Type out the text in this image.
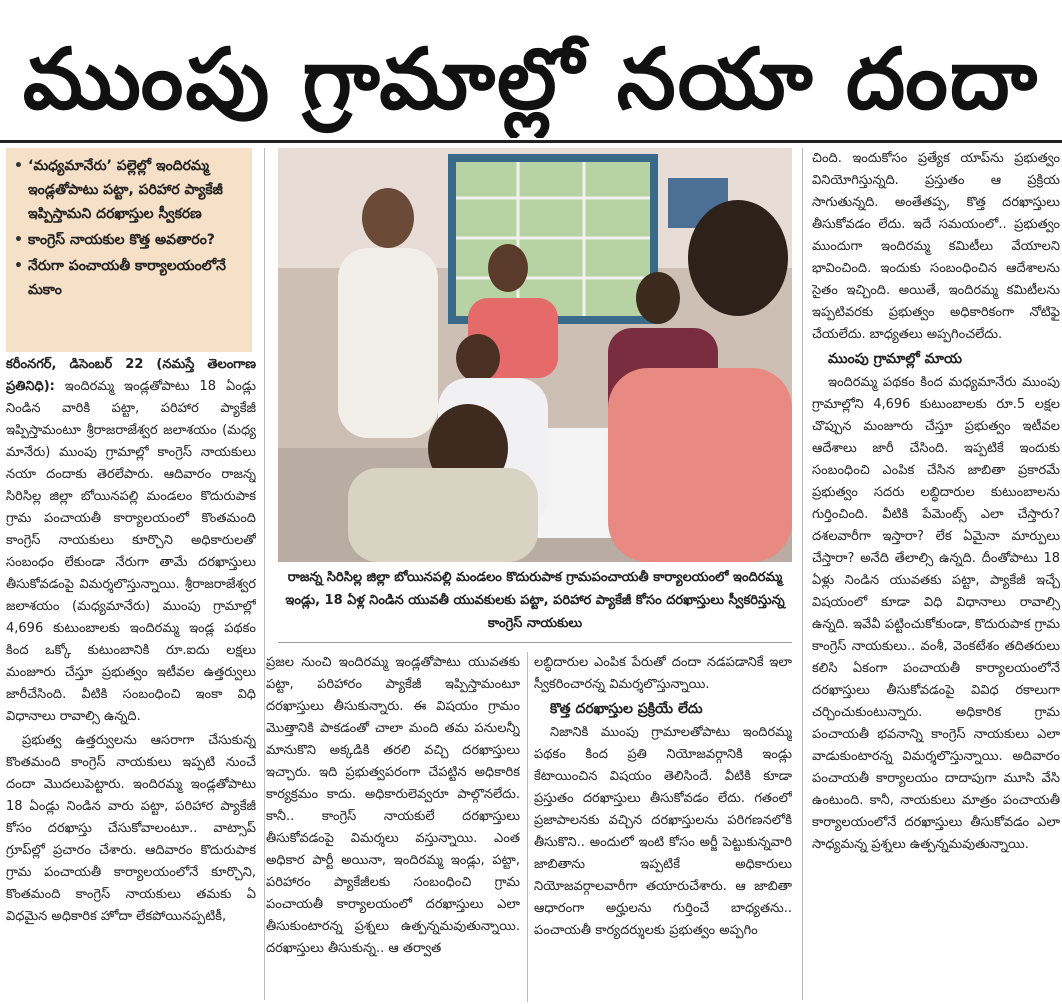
ముంపు గ్రామాల్లో నయా దందా
• ‘మధ్యమానేరు’ పల్లెల్లో ఇందిరమ్మ ఇండ్లతోపాటు పట్టా, పరిహార ప్యాకేజీ ఇప్పిస్తామని దరఖాస్తుల స్వీకరణ
• కాంగ్రెస్ నాయకుల కొత్త అవతారం?
• నేరుగా పంచాయతీ కార్యాలయంలోనే మకాం

కరీంనగర్, డిసెంబర్ 22 (నమస్తే తెలంగాణ ప్రతినిధి): ఇందిరమ్మ ఇండ్లతోపాటు 18 ఏండ్లు నిండిన వారికి పట్టా, పరిహార ప్యాకేజీ ఇప్పిస్తామంటూ శ్రీరాజరాజేశ్వర జలాశయం (మధ్య మానేరు) ముంపు గ్రామాల్లో కాంగ్రెస్ నాయకులు నయా దందాకు తెరలేపారు. ఆదివారం రాజన్న సిరిసిల్ల జిల్లా బోయినపల్లి మండలం కొదురుపాక గ్రామ పంచాయతీ కార్యాలయంలో కొంతమంది కాంగ్రెస్ నాయకులు కూర్చొని అధికారులతో సంబంధం లేకుండా నేరుగా తామే దరఖాస్తులు తీసుకోవడంపై విమర్శలొస్తున్నాయి. శ్రీరాజరాజేశ్వర జలాశయం (మధ్యమానేరు) ముంపు గ్రామాల్లో 4,696 కుటుంబాలకు ఇందిరమ్మ ఇండ్ల పథకం కింద ఒక్కో కుటుంబానికి రూ.ఐదు లక్షలు మంజూరు చేస్తూ ప్రభుత్వం ఇటీవల ఉత్తర్వులు జారీచేసింది. వీటికి సంబంధించి ఇంకా విధి విధానాలు రావాల్సి ఉన్నది.

ప్రభుత్వ ఉత్తర్వులను ఆసరాగా చేసుకున్న కొంతమంది కాంగ్రెస్ నాయకులు ఇప్పటి నుంచే దందా మొదలుపెట్టారు. ఇందిరమ్మ ఇండ్లతోపాటు 18 ఏండ్లు నిండిన వారు పట్టా, పరిహార ప్యాకేజీ కోసం దరఖాస్తు చేసుకోవాలంటూ.. వాట్సాప్ గ్రూప్‌ల్లో ప్రచారం చేశారు. ఆదివారం కొదురుపాక గ్రామ పంచాయతీ కార్యాలయంలోనే కూర్చొని, కొంతమంది కాంగ్రెస్ నాయకులు తమకు ఏ విధమైన అధికారిక హోదా లేకపోయినప్పటికీ,

రాజన్న సిరిసిల్ల జిల్లా బోయినపల్లి మండలం కొదురుపాక గ్రామపంచాయతీ కార్యాలయంలో ఇందిరమ్మ ఇండ్లు, 18 ఏళ్ల నిండిన యువతీ యువకులకు పట్టా, పరిహార ప్యాకేజీ కోసం దరఖాస్తులు స్వీకరిస్తున్న కాంగ్రెస్ నాయకులు

ప్రజల నుంచి ఇందిరమ్మ ఇండ్లతోపాటు యువతకు పట్టా, పరిహారం ప్యాకేజీ ఇప్పిస్తామంటూ దరఖాస్తులు తీసుకున్నారు. ఈ విషయం గ్రామం మొత్తానికి పాకడంతో చాలా మంది తమ పనులన్నీ మానుకొని అక్కడికి తరలి వచ్చి దరఖాస్తులు ఇచ్చారు. ఇది ప్రభుత్వపరంగా చేపట్టిన అధికారిక కార్యక్రమం కాదు. అధికారులెవ్వరూ పాల్గొనలేదు. కానీ.. కాంగ్రెస్ నాయకులే దరఖాస్తులు తీసుకోవడంపై విమర్శలు వస్తున్నాయి. ఎంత అధికార పార్టీ అయినా, ఇందిరమ్మ ఇండ్లు, పట్టా, పరిహారం ప్యాకేజీలకు సంబంధించి గ్రామ పంచాయతీ కార్యాలయంలో దరఖాస్తులు ఎలా తీసుకుంటారన్న ప్రశ్నలు ఉత్పన్నమవుతున్నాయి. దరఖాస్తులు తీసుకున్న.. ఆ తర్వాత

లబ్ధిదారుల ఎంపిక పేరుతో దందా నడపడానికే ఇలా స్వీకరించారన్న విమర్శలొస్తున్నాయి.

కొత్త దరఖాస్తుల ప్రక్రియే లేదు

నిజానికి ముంపు గ్రామాలతోపాటు ఇందిరమ్మ పథకం కింద ప్రతి నియోజవర్గానికి ఇండ్లు కేటాయించిన విషయం తెలిసిందే. వీటికి కూడా ప్రస్తుతం దరఖాస్తులు తీసుకోవడం లేదు. గతంలో ప్రజాపాలనకు వచ్చిన దరఖాస్తులను పరిగణనలోకి తీసుకొని.. అందులో ఇంటి కోసం అర్జీ పెట్టుకున్నవారి జాబితాను ఇప్పటికే అధికారులు నియోజవర్గాలవారీగా తయారుచేశారు. ఆ జాబితా ఆధారంగా అర్హులను గుర్తించే బాధ్యతను.. పంచాయతీ కార్యదర్శులకు ప్రభుత్వం అప్పగిం

చింది. ఇందుకోసం ప్రత్యేక యాప్‌ను ప్రభుత్వం వినియోగిస్తున్నది. ప్రస్తుతం ఆ ప్రక్రియ సాగుతున్నది. అంతేతప్ప, కొత్త దరఖాస్తులు తీసుకోవడం లేదు. ఇదే సమయంలో.. ప్రభుత్వం ముందుగా ఇందిరమ్మ కమిటీలు వేయాలని భావించింది. ఇందుకు సంబంధించిన ఆదేశాలను సైతం ఇచ్చింది. అయితే, ఇందిరమ్మ కమిటీలను ఇప్పటివరకు ప్రభుత్వం అధికారికంగా నోటిఫై చేయలేదు. బాధ్యతలు అప్పగించలేదు.

ముంపు గ్రామాల్లో మాయ

ఇందిరమ్మ పథకం కింద మధ్యమానేరు ముంపు గ్రామాల్లోని 4,696 కుటుంబాలకు రూ.5 లక్షల చొప్పున మంజూరు చేస్తూ ప్రభుత్వం ఇటీవల ఆదేశాలు జారీ చేసింది. ఇప్పటికే ఇందుకు సంబంధించి ఎంపిక చేసిన జాబితా ప్రకారమే ప్రభుత్వం సదరు లబ్ధిదారుల కుటుంబాలను గుర్తించింది. వీటికి పేమెంట్స్ ఎలా చేస్తారు? దశలవారీగా ఇస్తారా? లేక ఏమైనా మార్పులు చేస్తారా? అనేది తేలాల్సి ఉన్నది. దీంతోపాటు 18 ఏళ్లు నిండిన యువతకు పట్టా, ప్యాకేజీ ఇచ్చే విషయంలో కూడా విధి విధానాలు రావాల్సి ఉన్నది. ఇవేవీ పట్టించుకోకుండా, కొదురుపాక గ్రామ కాంగ్రెస్ నాయకులు.. వంశీ, వెంకటేశం తదితరులు కలిసి ఏకంగా పంచాయతీ కార్యాలయంలోనే దరఖాస్తులు తీసుకోవడంపై వివిధ రకాలుగా చర్చించుకుంటున్నారు. అధికారిక గ్రామ పంచాయతీ భవనాన్ని కాంగ్రెస్ నాయకులు ఎలా వాడుకుంటారన్న విమర్శలొస్తున్నాయి. అదివారం పంచాయతీ కార్యాలయం దాదాపుగా మూసి వేసి ఉంటుంది. కానీ, నాయకులు మాత్రం పంచాయతీ కార్యాలయంలోనే దరఖాస్తులు తీసుకోవడం ఎలా సాధ్యమన్న ప్రశ్నలు ఉత్పన్నమవుతున్నాయి.
